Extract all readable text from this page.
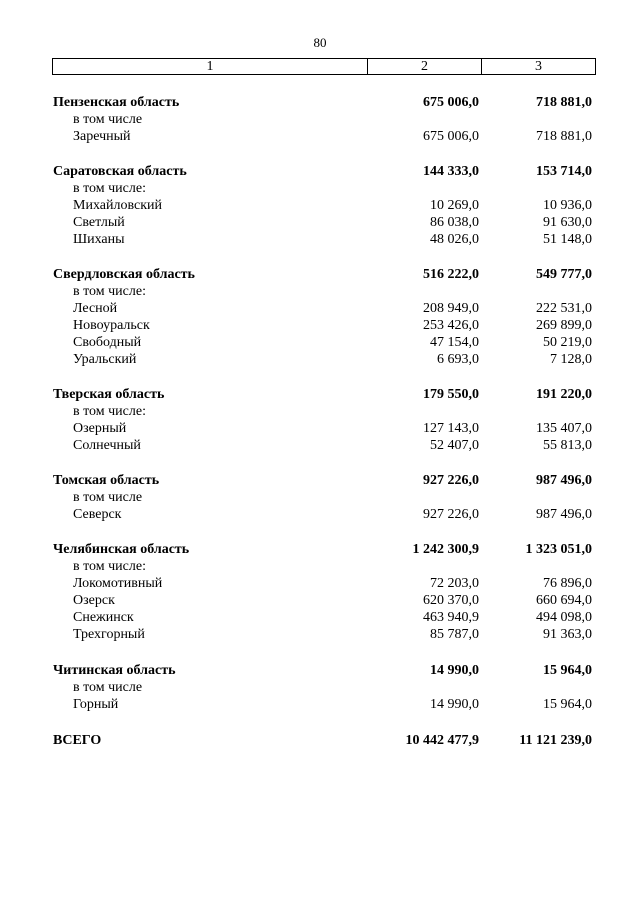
80
1	2	3
Пензенская область	675 006,0	718 881,0
в том числе
Заречный	675 006,0	718 881,0
Саратовская область	144 333,0	153 714,0
в том числе:
Михайловский	10 269,0	10 936,0
Светлый	86 038,0	91 630,0
Шиханы	48 026,0	51 148,0
Свердловская область	516 222,0	549 777,0
в том числе:
Лесной	208 949,0	222 531,0
Новоуральск	253 426,0	269 899,0
Свободный	47 154,0	50 219,0
Уральский	6 693,0	7 128,0
Тверская область	179 550,0	191 220,0
в том числе:
Озерный	127 143,0	135 407,0
Солнечный	52 407,0	55 813,0
Томская область	927 226,0	987 496,0
в том числе
Северск	927 226,0	987 496,0
Челябинская область	1 242 300,9	1 323 051,0
в том числе:
Локомотивный	72 203,0	76 896,0
Озерск	620 370,0	660 694,0
Снежинск	463 940,9	494 098,0
Трехгорный	85 787,0	91 363,0
Читинская область	14 990,0	15 964,0
в том числе
Горный	14 990,0	15 964,0
ВСЕГО	10 442 477,9	11 121 239,0
